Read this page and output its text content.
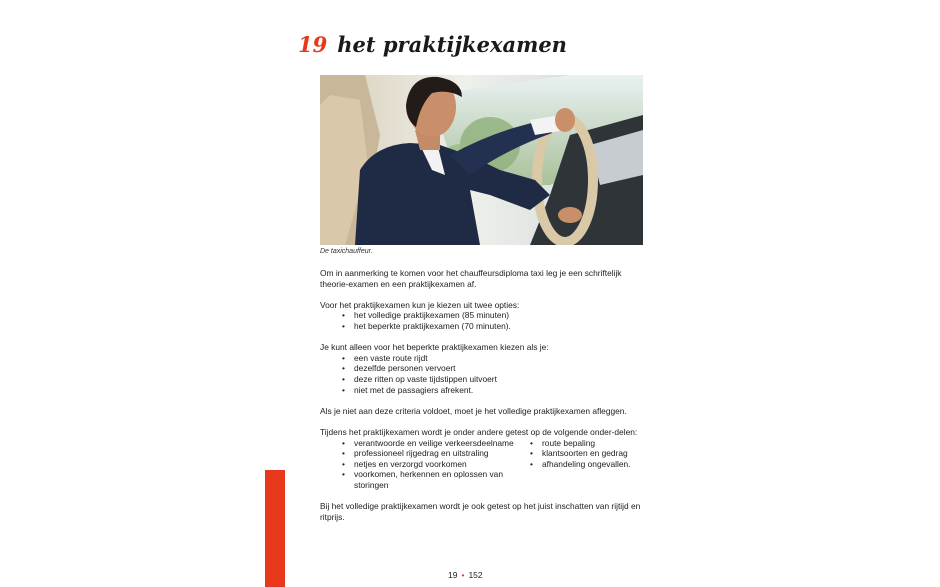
19 het praktijkexamen
De taxichauffeur.

Om in aanmerking te komen voor het chauffeursdiploma taxi leg je een schriftelijk theorie-examen en een praktijkexamen af.

Voor het praktijkexamen kun je kiezen uit twee opties:
• het volledige praktijkexamen (85 minuten)
• het beperkte praktijkexamen (70 minuten).
Je kunt alleen voor het beperkte praktijkexamen kiezen als je:
• een vaste route rijdt
• dezelfde personen vervoert
• deze ritten op vaste tijdstippen uitvoert
• niet met de passagiers afrekent.

Als je niet aan deze criteria voldoet, moet je het volledige praktijkexamen afleggen.

Tijdens het praktijkexamen wordt je onder andere getest op de volgende onder-delen:
• verantwoorde en veilige verkeersdeelname
• professioneel rijgedrag en uitstraling
• netjes en verzorgd voorkomen
• voorkomen, herkennen en oplossen van storingen
• route bepaling
• klantsoorten en gedrag
• afhandeling ongevallen.

Bij het volledige praktijkexamen wordt je ook getest op het juist inschatten van rijtijd en ritprijs.

19 • 152
